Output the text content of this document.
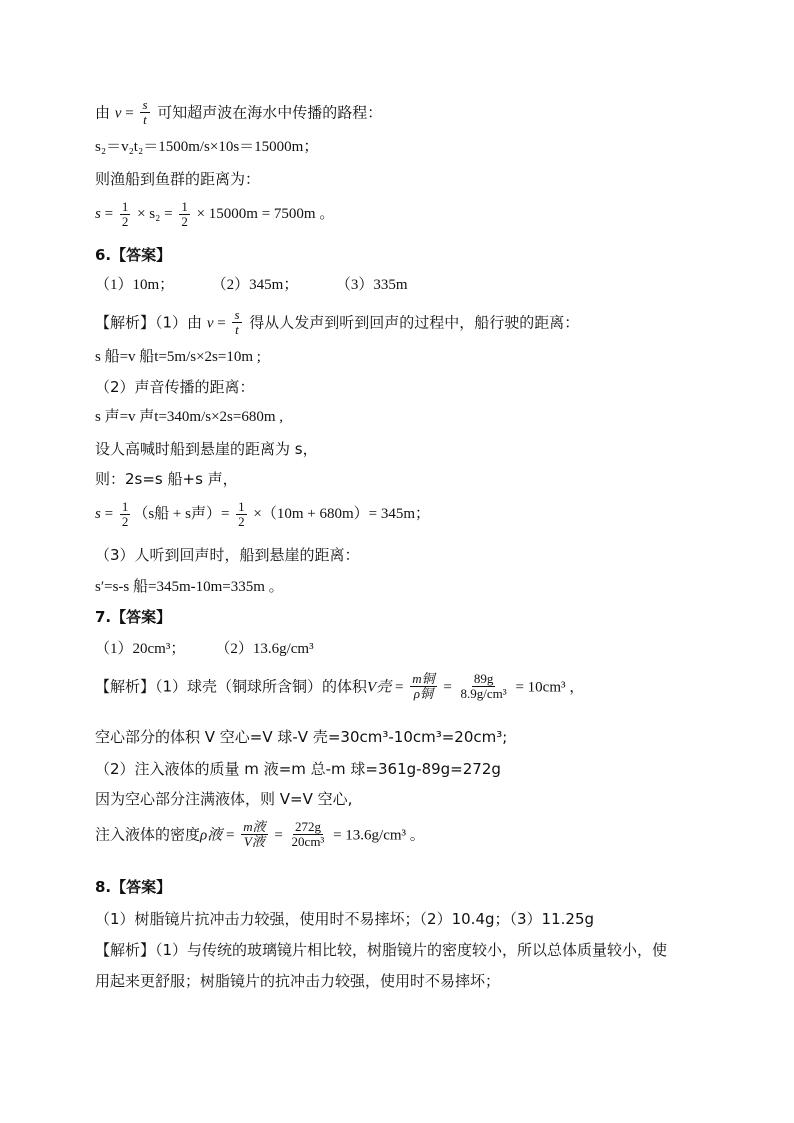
由 $v = \frac{s}{t}$ 可知超声波在海水中传播的路程：
s₂＝v₂t₂＝1500m/s×10s＝15000m；
则渔船到鱼群的距离为：
$s = \frac{1}{2} \times s_2 = \frac{1}{2} \times 15000m = 7500m$ 。
6.【答案】
（1）10m；          （2）345m；          （3）335m
【解析】（1）由 $v = \frac{s}{t}$ 得从人发声到听到回声的过程中，船行驶的距离：
s 船=v 船t=5m/s×2s=10m ;
（2）声音传播的距离：
s 声=v 声t=340m/s×2s=680m ,
设人高喊时船到悬崖的距离为 s，
则：2s=s 船+s 声，
$s = \frac{1}{2} (s$船 + s声）= $\frac{1}{2} \times(10m + 680m)= 345m$；
（3）人听到回声时，船到悬崖的距离：
s′=s-s 船=345m-10m=335m 。
7.【答案】
（1）20cm³；        （2）13.6g/cm³
【解析】（1）球壳（铜球所含铜）的体积V壳 = $\frac{\text{m铜}}{\text{ρ铜}} = \frac{89g}{\text{8.9g/cm³}} = 10cm^3$ ，
空心部分的体积 V 空心=V 球-V 壳=30cm³-10cm³=20cm³;
（2）注入液体的质量 m 液=m 总-m 球=361g-89g=272g
因为空心部分注满液体，则 V=V 空心,
注入液体的密度ρ液 = $\frac{\text{m液}}{\text{V液}} = \frac{272g}{\text{20cm³}} = 13.6g/cm^3$ 。
8.【答案】
（1）树脂镜片抗冲击力较强，使用时不易摔坏；（2）10.4g；（3）11.25g
【解析】（1）与传统的玻璃镜片相比较，树脂镜片的密度较小，所以总体质量较小，使
用起来更舒服；树脂镜片的抗冲击力较强，使用时不易摔坏；
